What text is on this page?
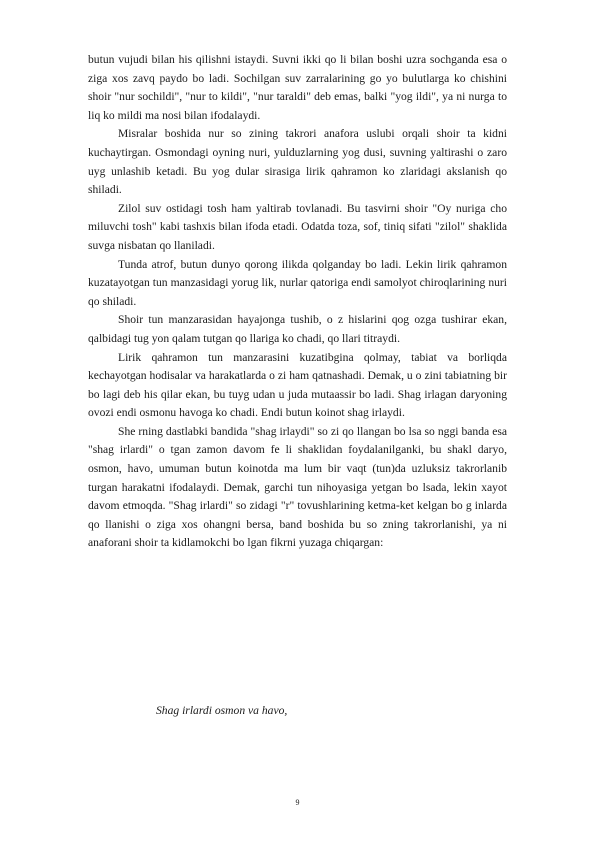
butun vujudi bilan his qilishni istaydi. Suvni ikki qo li bilan boshi uzra sochganda esa o ziga xos zavq paydo bo ladi. Sochilgan suv zarralarining go yo bulutlarga ko chishini shoir "nur sochildi", "nur to kildi", "nur taraldi" deb emas, balki "yog ildi", ya ni nurga to liq ko mildi ma nosi bilan ifodalaydi.

Misralar boshida nur so zining takrori anafora uslubi orqali shoir ta kidni kuchaytirgan. Osmondagi oyning nuri, yulduzlarning yog dusi, suvning yaltirashi o zaro uyg unlashib ketadi. Bu yog dular sirasiga lirik qahramon ko zlaridagi akslanish qo shiladi.

Zilol suv ostidagi tosh ham yaltirab tovlanadi. Bu tasvirni shoir "Oy nuriga cho miluvchi tosh" kabi tashxis bilan ifoda etadi. Odatda toza, sof, tiniq sifati "zilol" shaklida suvga nisbatan qo llaniladi.

Tunda atrof, butun dunyo qorong ilikda qolganday bo ladi. Lekin lirik qahramon kuzatayotgan tun manzasidagi yorug lik, nurlar qatoriga endi samolyot chiroqlarining nuri qo shiladi.

Shoir tun manzarasidan hayajonga tushib, o z hislarini qog ozga tushirar ekan, qalbidagi tug yon qalam tutgan qo llariga ko chadi, qo llari titraydi.

Lirik qahramon tun manzarasini kuzatibgina qolmay, tabiat va borliqda kechayotgan hodisalar va harakatlarda o zi ham qatnashadi. Demak, u o zini tabiatning bir bo lagi deb his qilar ekan, bu tuyg udan u juda mutaassir bo ladi. Shag irlagan daryoning ovozi endi osmonu havoga ko chadi. Endi butun koinot shag irlaydi.

She rning dastlabki bandida "shag irlaydi" so zi qo llangan bo lsa so nggi banda esa "shag irlardi" o tgan zamon davom fe li shaklidan foydalanilganki, bu shakl daryo, osmon, havo, umuman butun koinotda ma lum bir vaqt (tun)da uzluksiz takrorlanib turgan harakatni ifodalaydi. Demak, garchi tun nihoyasiga yetgan bo lsada, lekin xayot davom etmoqda. "Shag irlardi" so zidagi "r" tovushlarining ketma-ket kelgan bo g inlarda qo llanishi o ziga xos ohangni bersa, band boshida bu so zning takrorlanishi, ya ni anaforani shoir ta kidlamokchi bo lgan fikrni yuzaga chiqargan:

Shag irlardi osmon va havo,
9
